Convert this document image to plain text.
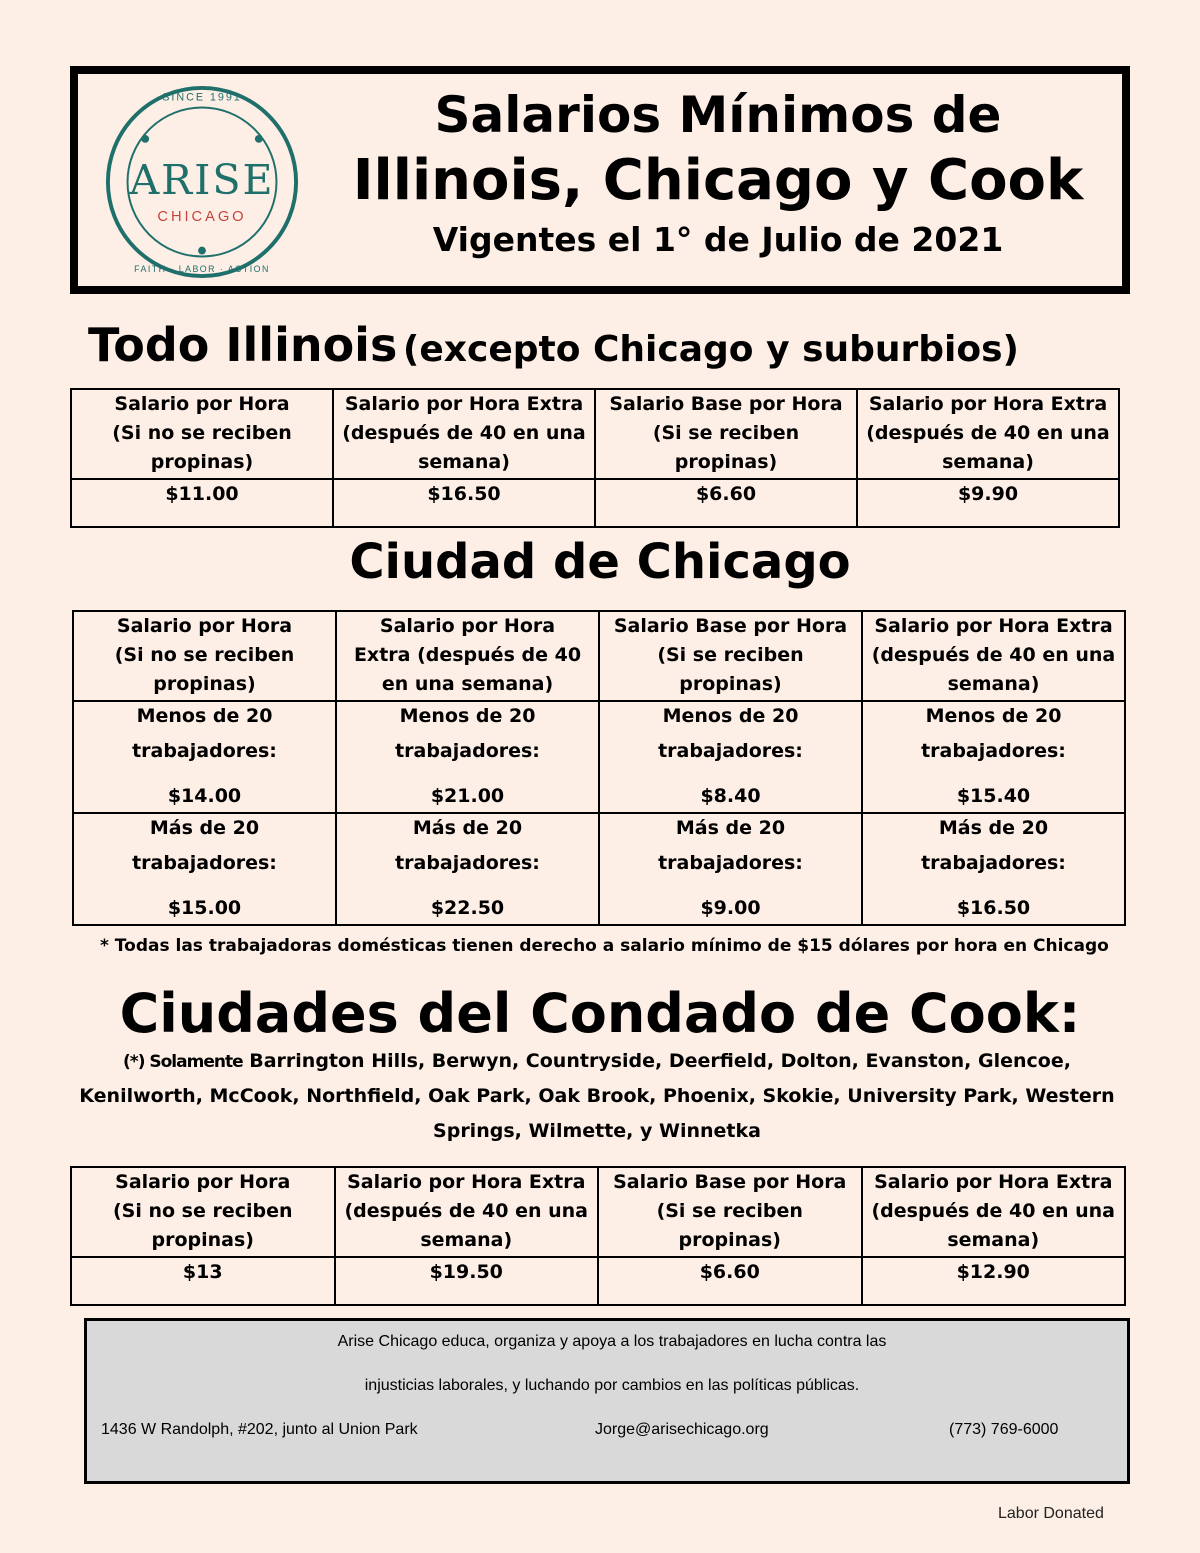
SINCE 1991
ARISE
CHICAGO
FAITH · LABOR · ACTION
Salarios Mínimos de
Illinois, Chicago y Cook
Vigentes el 1° de Julio de 2021
Todo Illinois (excepto Chicago y suburbios)
Salario por Hora
(Si no se reciben
propinas)	Salario por Hora Extra
(después de 40 en una
semana)	Salario Base por Hora
(Si se reciben
propinas)	Salario por Hora Extra
(después de 40 en una
semana)

$11.00	$16.50	$6.60	$9.90
Ciudad de Chicago
Salario por Hora
(Si no se reciben
propinas)	Salario por Hora
Extra (después de 40
en una semana)	Salario Base por Hora
(Si se reciben
propinas)	Salario por Hora Extra
(después de 40 en una
semana)

Menos de 20
trabajadores:
$14.00	Menos de 20
trabajadores:
$21.00	Menos de 20
trabajadores:
$8.40	Menos de 20
trabajadores:
$15.40

Más de 20
trabajadores:
$15.00	Más de 20
trabajadores:
$22.50	Más de 20
trabajadores:
$9.00	Más de 20
trabajadores:
$16.50
* Todas las trabajadoras domésticas tienen derecho a salario mínimo de $15 dólares por hora en Chicago
Ciudades del Condado de Cook:
(*) Solamente Barrington Hills, Berwyn, Countryside, Deerfield, Dolton, Evanston, Glencoe,
Kenilworth, McCook, Northfield, Oak Park, Oak Brook, Phoenix, Skokie, University Park, Western
Springs, Wilmette, y Winnetka
Salario por Hora
(Si no se reciben
propinas)	Salario por Hora Extra
(después de 40 en una
semana)	Salario Base por Hora
(Si se reciben
propinas)	Salario por Hora Extra
(después de 40 en una
semana)

$13	$19.50	$6.60	$12.90
Arise Chicago educa, organiza y apoya a los trabajadores en lucha contra las
injusticias laborales, y luchando por cambios en las políticas públicas.
1436 W Randolph, #202, junto al Union Park	Jorge@arisechicago.org	(773) 769-6000
Labor Donated
